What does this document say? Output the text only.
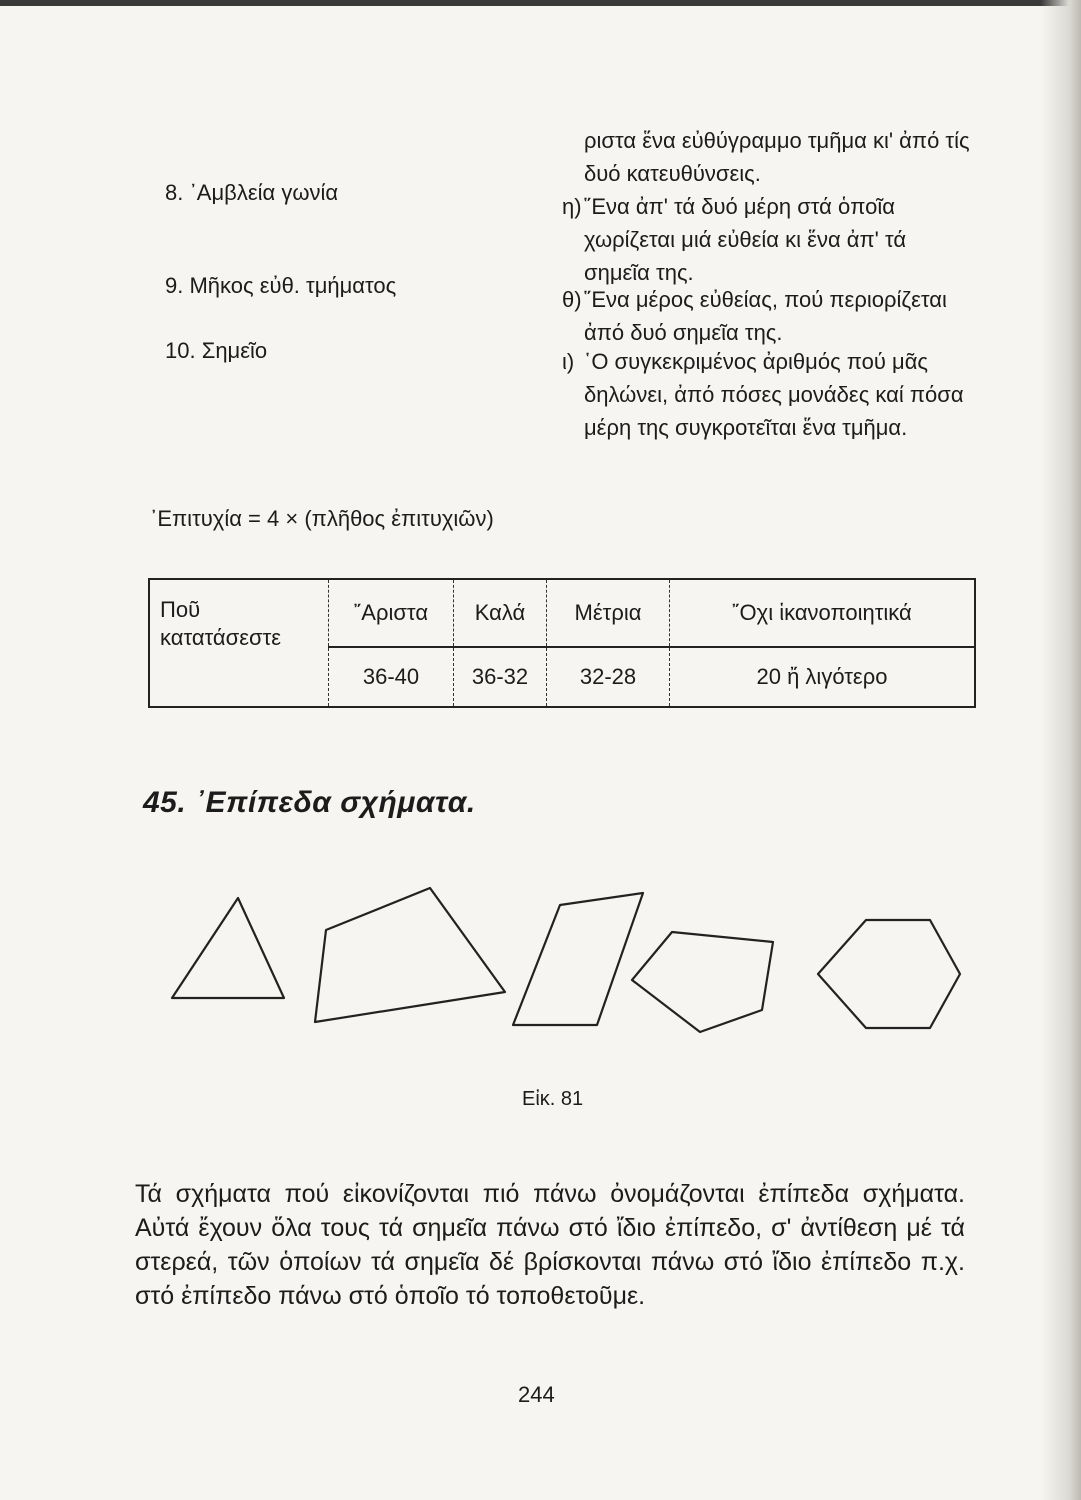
8. ᾿Αμβλεία γωνία
9. Μῆκος εὐθ. τμήματος
10. Σημεῖο
ριστα ἕνα εὐθύγραμμο τμῆμα κι' ἀπό τίς δυό κατευθύνσεις.
η) ῞Ενα ἀπ' τά δυό μέρη στά ὁποῖα χωρίζεται μιά εὐθεία κι ἕνα ἀπ' τά σημεῖα της.
θ) ῞Ενα μέρος εὐθείας, πού περιορίζεται ἀπό δυό σημεῖα της.
ι) ῾Ο συγκεκριμένος ἀριθμός πού μᾶς δηλώνει, ἀπό πόσες μονάδες καί πόσα μέρη της συγκροτεῖται ἕνα τμῆμα.
᾿Επιτυχία = 4 × (πλῆθος ἐπιτυχιῶν)
Ποῦ κατατάσεστε	῎Αριστα	Καλά	Μέτρια	῎Οχι ἱκανοποιητικά
	36-40	36-32	32-28	20 ἤ λιγότερο
45. ᾿Επίπεδα σχήματα.
Εἰκ. 81
Τά σχήματα πού εἰκονίζονται πιό πάνω ὀνομάζονται ἐπίπεδα σχήματα. Αὐτά ἔχουν ὅλα τους τά σημεῖα πάνω στό ἴδιο ἐπίπεδο, σ' ἀντίθεση μέ τά στερεά, τῶν ὁποίων τά σημεῖα δέ βρίσκονται πάνω στό ἴδιο ἐπίπεδο π.χ. στό ἐπίπεδο πάνω στό ὁποῖο τό τοποθετοῦμε.
244
